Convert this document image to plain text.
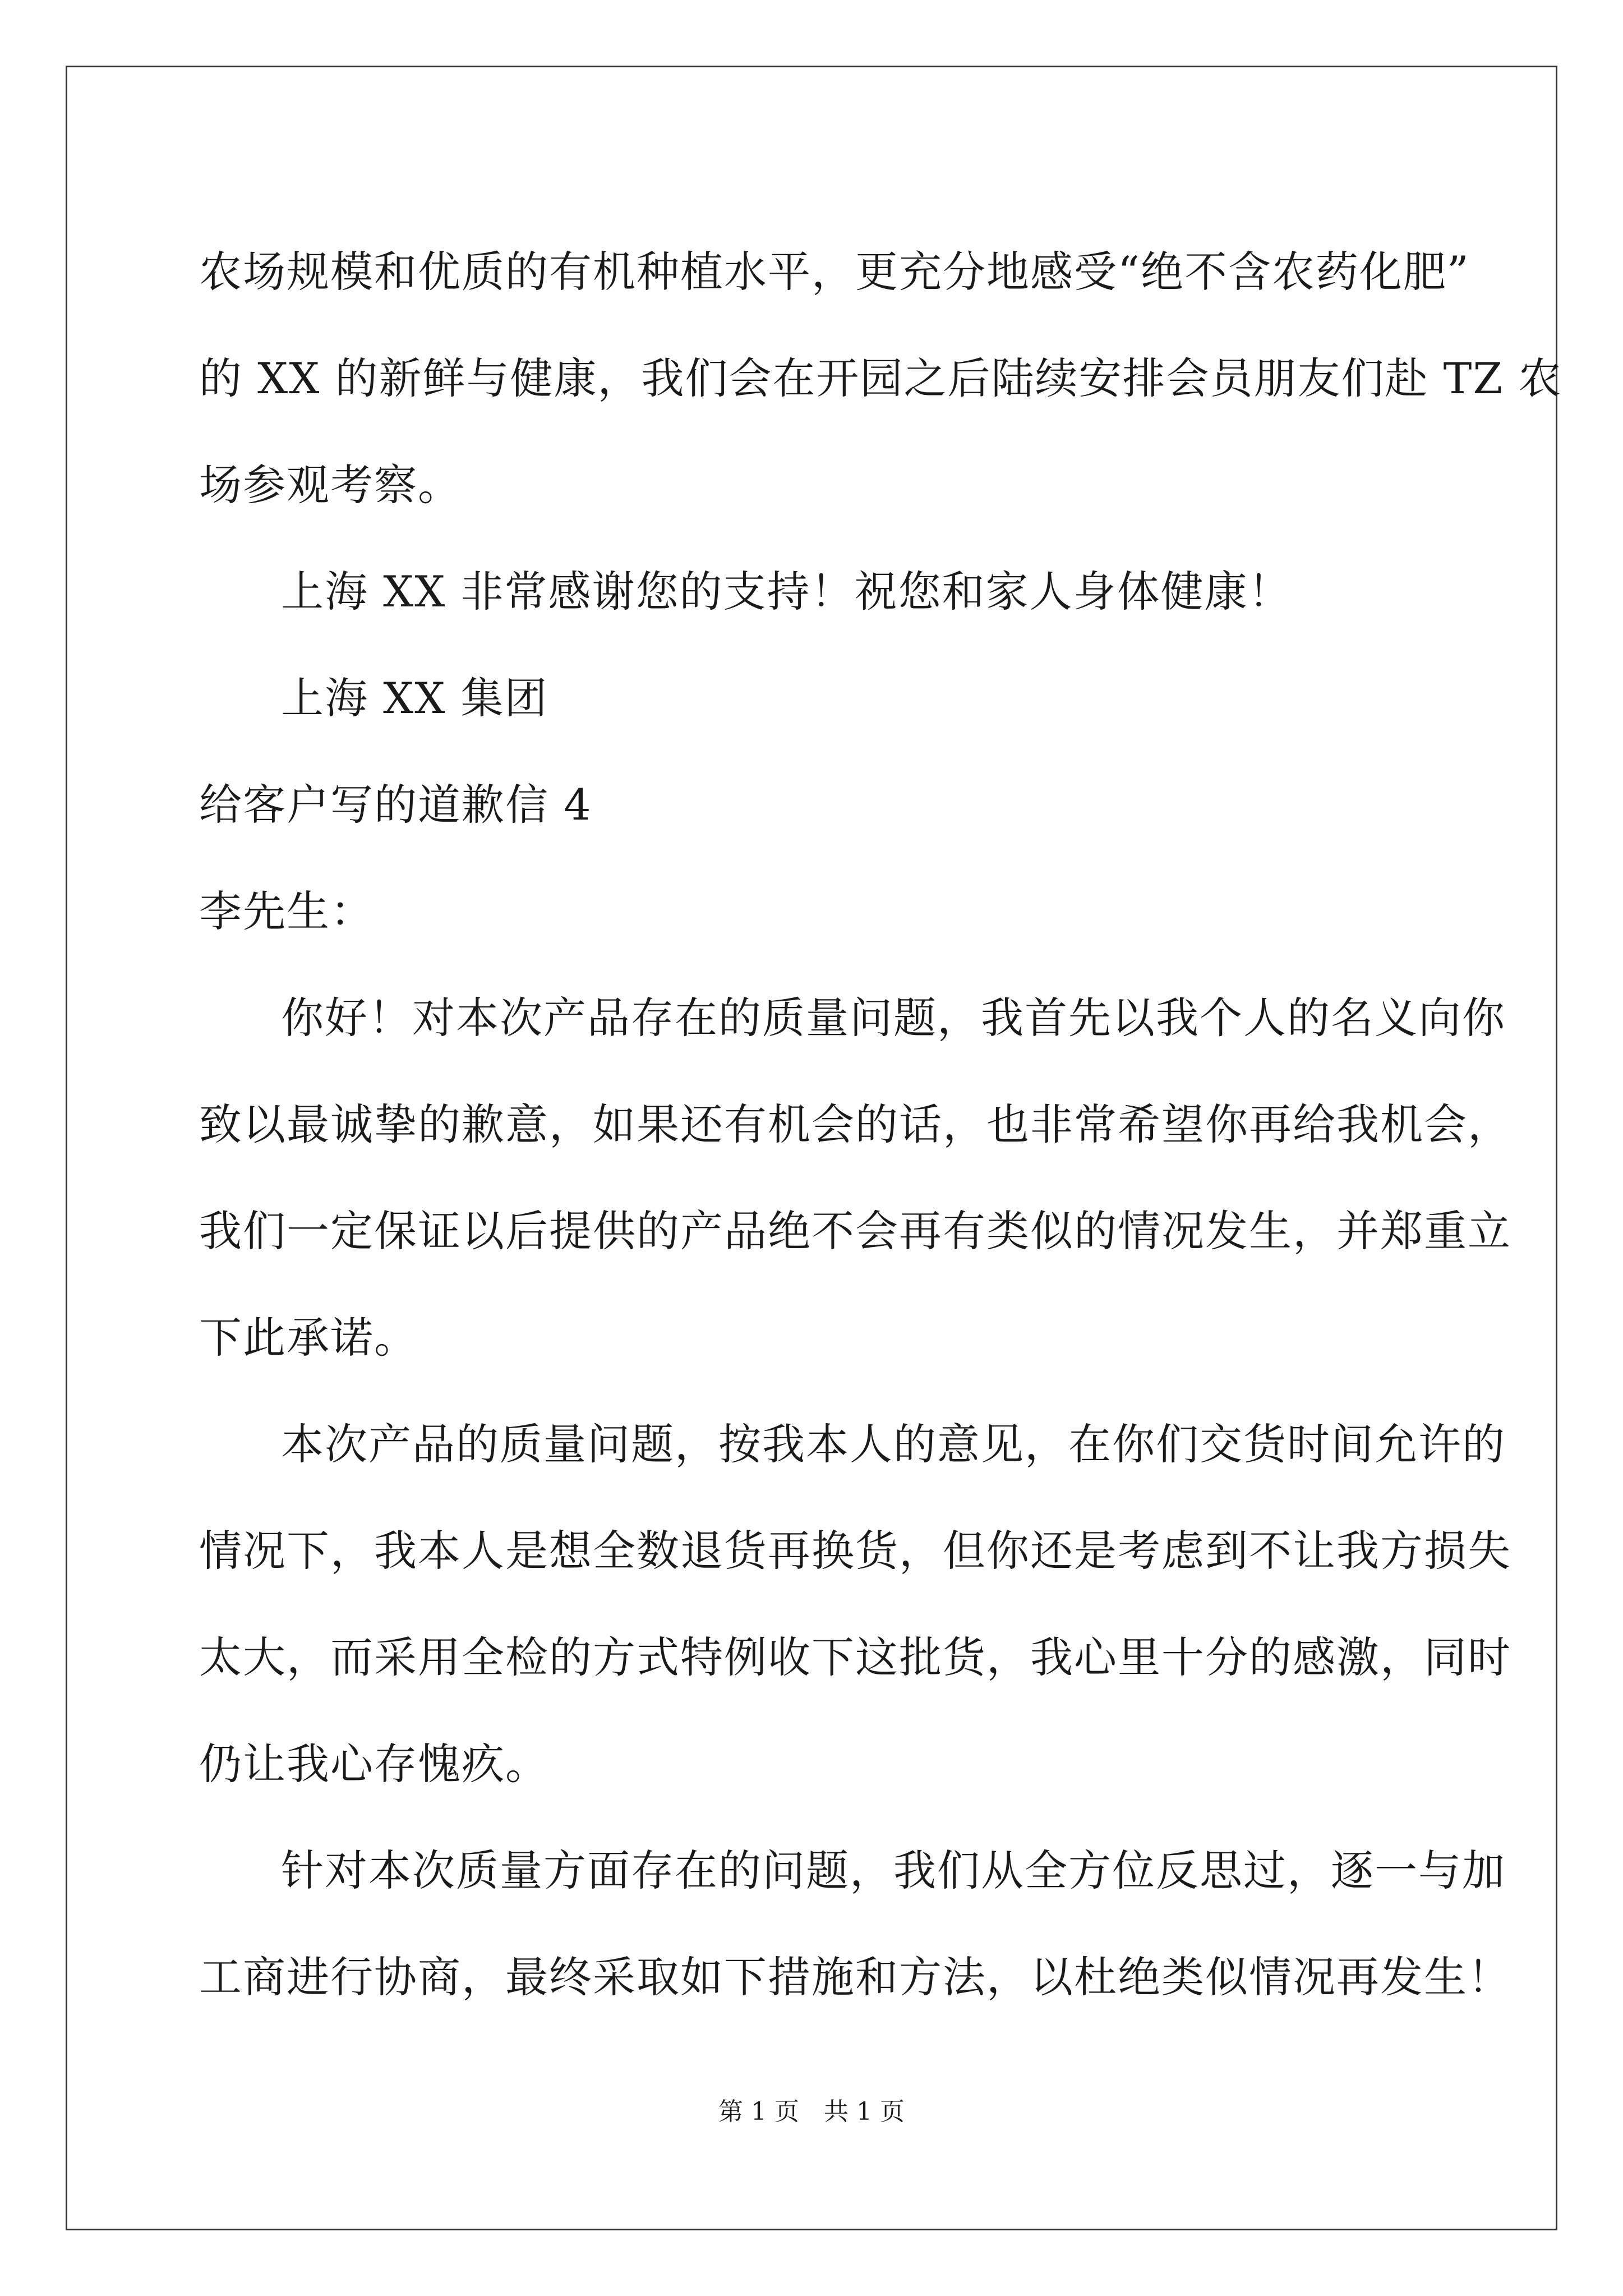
农场规模和优质的有机种植水平，更充分地感受“绝不含农药化肥”
的 XX 的新鲜与健康，我们会在开园之后陆续安排会员朋友们赴 TZ 农
场参观考察。
上海 XX 非常感谢您的支持！祝您和家人身体健康！
上海 XX 集团
给客户写的道歉信 4
李先生：
你好！对本次产品存在的质量问题，我首先以我个人的名义向你
致以最诚挚的歉意，如果还有机会的话，也非常希望你再给我机会，
我们一定保证以后提供的产品绝不会再有类似的情况发生，并郑重立
下此承诺。
本次产品的质量问题，按我本人的意见，在你们交货时间允许的
情况下，我本人是想全数退货再换货，但你还是考虑到不让我方损失
太大，而采用全检的方式特例收下这批货，我心里十分的感激，同时
仍让我心存愧疚。
针对本次质量方面存在的问题，我们从全方位反思过，逐一与加
工商进行协商，最终采取如下措施和方法，以杜绝类似情况再发生！
第 1 页　共 1 页
